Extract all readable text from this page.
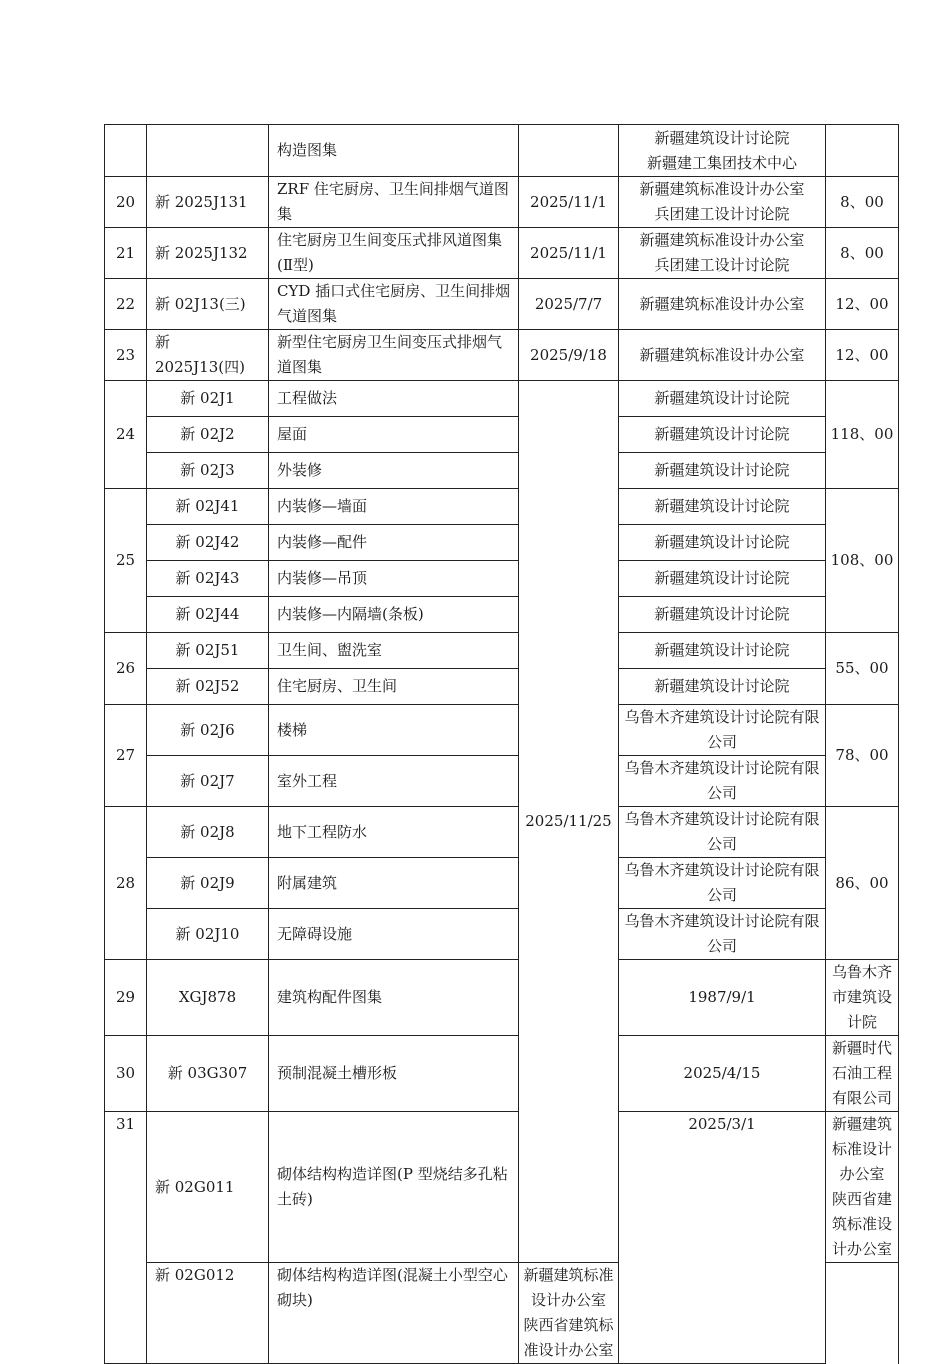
		构造图集		新疆建筑设计讨论院
新疆建工集团技术中心		
20	新 2025J131	ZRF 住宅厨房、卫生间排烟气道图集	2025/11/1	新疆建筑标准设计办公室
兵团建工设计讨论院	8、00	
21	新 2025J132	住宅厨房卫生间变压式排风道图集(Ⅱ型)	2025/11/1	新疆建筑标准设计办公室
兵团建工设计讨论院	8、00	
22	新 02J13(三)	CYD 插口式住宅厨房、卫生间排烟气道图集	2025/7/7	新疆建筑标准设计办公室	12、00	
23	新 2025J13(四)	新型住宅厨房卫生间变压式排烟气道图集	2025/9/18	新疆建筑标准设计办公室	12、00	
24	新 02J1	工程做法	2025/11/25	新疆建筑设计讨论院	118、00	
	新 02J2	屋面		新疆建筑设计讨论院		
	新 02J3	外装修		新疆建筑设计讨论院		
25	新 02J41	内装修—墙面		新疆建筑设计讨论院	108、00	
	新 02J42	内装修—配件		新疆建筑设计讨论院		
	新 02J43	内装修—吊顶		新疆建筑设计讨论院		
	新 02J44	内装修—内隔墙(条板)		新疆建筑设计讨论院		
26	新 02J51	卫生间、盥洗室		新疆建筑设计讨论院	55、00	
	新 02J52	住宅厨房、卫生间		新疆建筑设计讨论院		
27	新 02J6	楼梯		乌鲁木齐建筑设计讨论院有限公司	78、00	
	新 02J7	室外工程		乌鲁木齐建筑设计讨论院有限公司		
28	新 02J8	地下工程防水		乌鲁木齐建筑设计讨论院有限公司	86、00	
	新 02J9	附属建筑		乌鲁木齐建筑设计讨论院有限公司		
	新 02J10	无障碍设施		乌鲁木齐建筑设计讨论院有限公司		
29	XGJ878	建筑构配件图集		1987/9/1	乌鲁木齐市建筑设计院	
30	新 03G307	预制混凝土槽形板		2025/4/15	新疆时代石油工程有限公司	
31	新 02G011	砌体结构构造详图(P 型烧结多孔粘土砖)		2025/3/1	新疆建筑标准设计办公室
陕西省建筑标准设计办公室	
	新 02G012	砌体结构构造详图(混凝土小型空心砌块)	新疆建筑标准设计办公室
陕西省建筑标准设计办公室			
